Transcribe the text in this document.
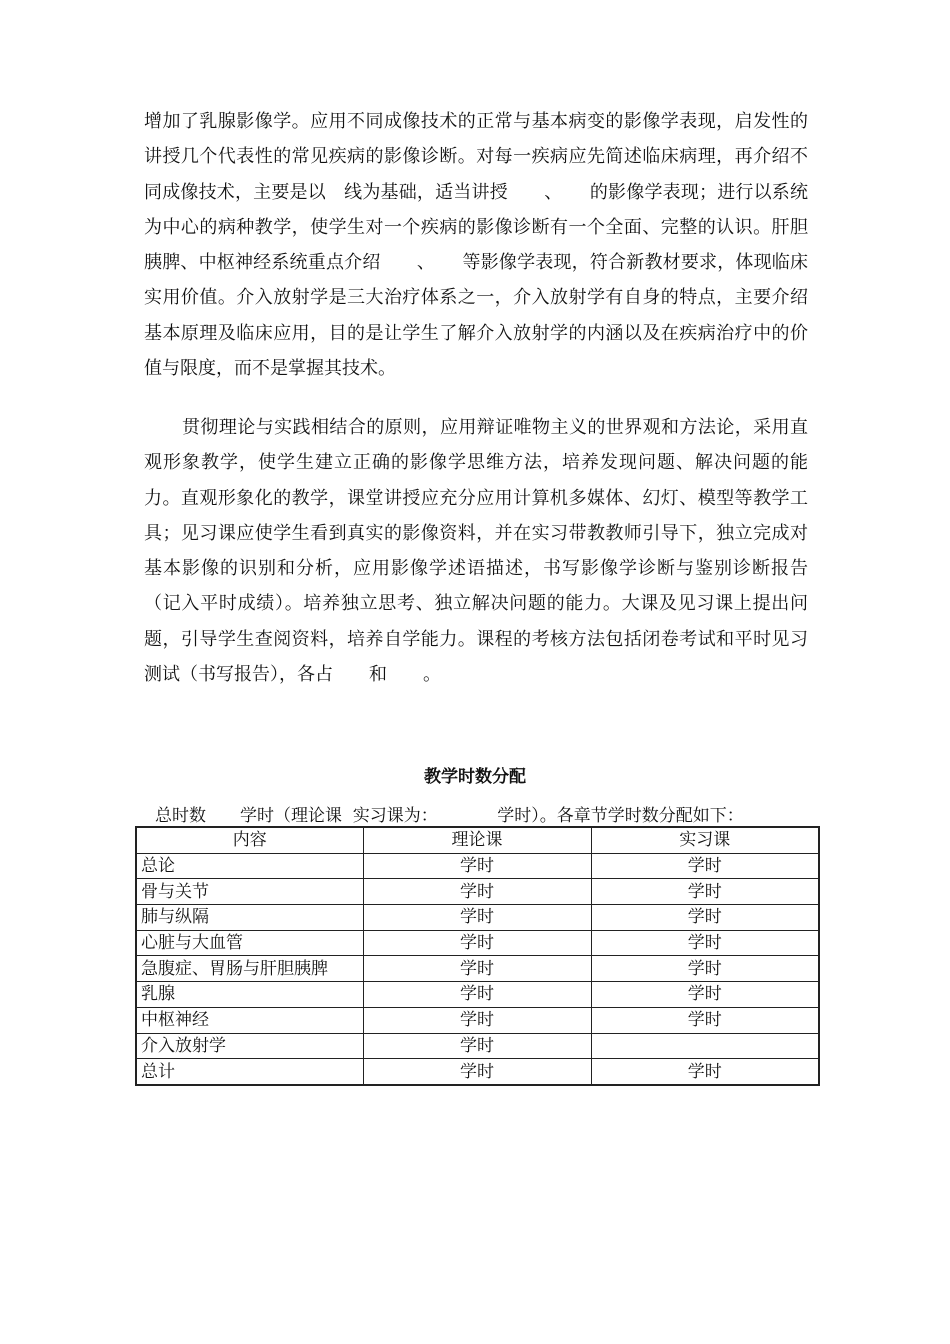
增加了乳腺影像学。应用不同成像技术的正常与基本病变的影像学表现，启发性的讲授几个代表性的常见疾病的影像诊断。对每一疾病应先简述临床病理，再介绍不同成像技术，主要是以　线为基础，适当讲授　　、　　的影像学表现；进行以系统为中心的病种教学，使学生对一个疾病的影像诊断有一个全面、完整的认识。肝胆胰脾、中枢神经系统重点介绍　　、　　等影像学表现，符合新教材要求，体现临床实用价值。介入放射学是三大治疗体系之一，介入放射学有自身的特点，主要介绍基本原理及临床应用，目的是让学生了解介入放射学的内涵以及在疾病治疗中的价值与限度，而不是掌握其技术。

贯彻理论与实践相结合的原则，应用辩证唯物主义的世界观和方法论，采用直观形象教学，使学生建立正确的影像学思维方法，培养发现问题、解决问题的能力。直观形象化的教学，课堂讲授应充分应用计算机多媒体、幻灯、模型等教学工具；见习课应使学生看到真实的影像资料，并在实习带教教师引导下，独立完成对基本影像的识别和分析，应用影像学述语描述，书写影像学诊断与鉴别诊断报告（记入平时成绩）。培养独立思考、独立解决问题的能力。大课及见习课上提出问题，引导学生查阅资料，培养自学能力。课程的考核方法包括闭卷考试和平时见习测试（书写报告），各占　　和　　。

教学时数分配

总时数　　学时（理论课  实习课为：　　　　学时）。各章节学时数分配如下：

内容	理论课	实习课
总论	学时	学时
骨与关节	学时	学时
肺与纵隔	学时	学时
心脏与大血管	学时	学时
急腹症、胃肠与肝胆胰脾	学时	学时
乳腺	学时	学时
中枢神经	学时	学时
介入放射学	学时	
总计	学时	学时
